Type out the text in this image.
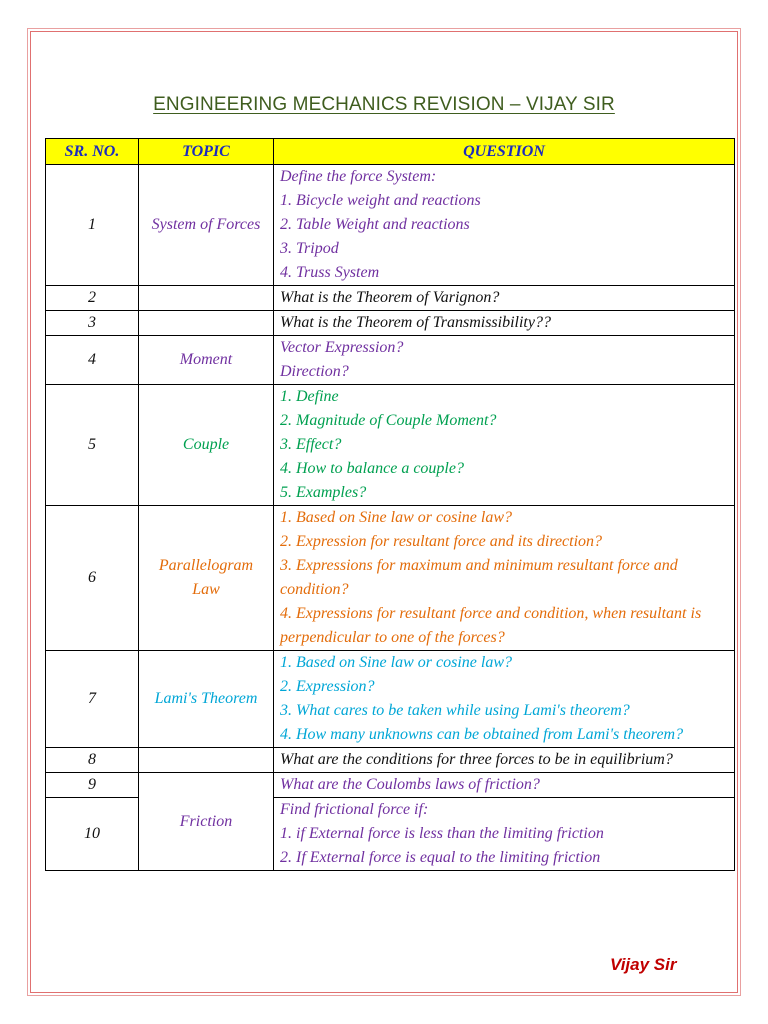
ENGINEERING MECHANICS REVISION – VIJAY SIR
SR. NO.	TOPIC	QUESTION
1	System of Forces	Define the force System:
1. Bicycle weight and reactions
2. Table Weight and reactions
3. Tripod
4. Truss System

2		What is the Theorem of Varignon?

3		What is the Theorem of Transmissibility??

4	Moment	Vector Expression?
Direction?

5	Couple	1. Define
2. Magnitude of Couple Moment?
3. Effect?
4. How to balance a couple?
5. Examples?

6	Parallelogram Law	1. Based on Sine law or cosine law?
2. Expression for resultant force and its direction?
3. Expressions for maximum and minimum resultant force and condition?
4. Expressions for resultant force and condition, when resultant is perpendicular to one of the forces?

7	Lami's Theorem	1. Based on Sine law or cosine law?
2. Expression?
3. What cares to be taken while using Lami's theorem?
4. How many unknowns can be obtained from Lami's theorem?

8		What are the conditions for three forces to be in equilibrium?

9	Friction	What are the Coulombs laws of friction?

10		Find frictional force if:
1. if External force is less than the limiting friction
2. If External force is equal to the limiting friction
Vijay Sir
